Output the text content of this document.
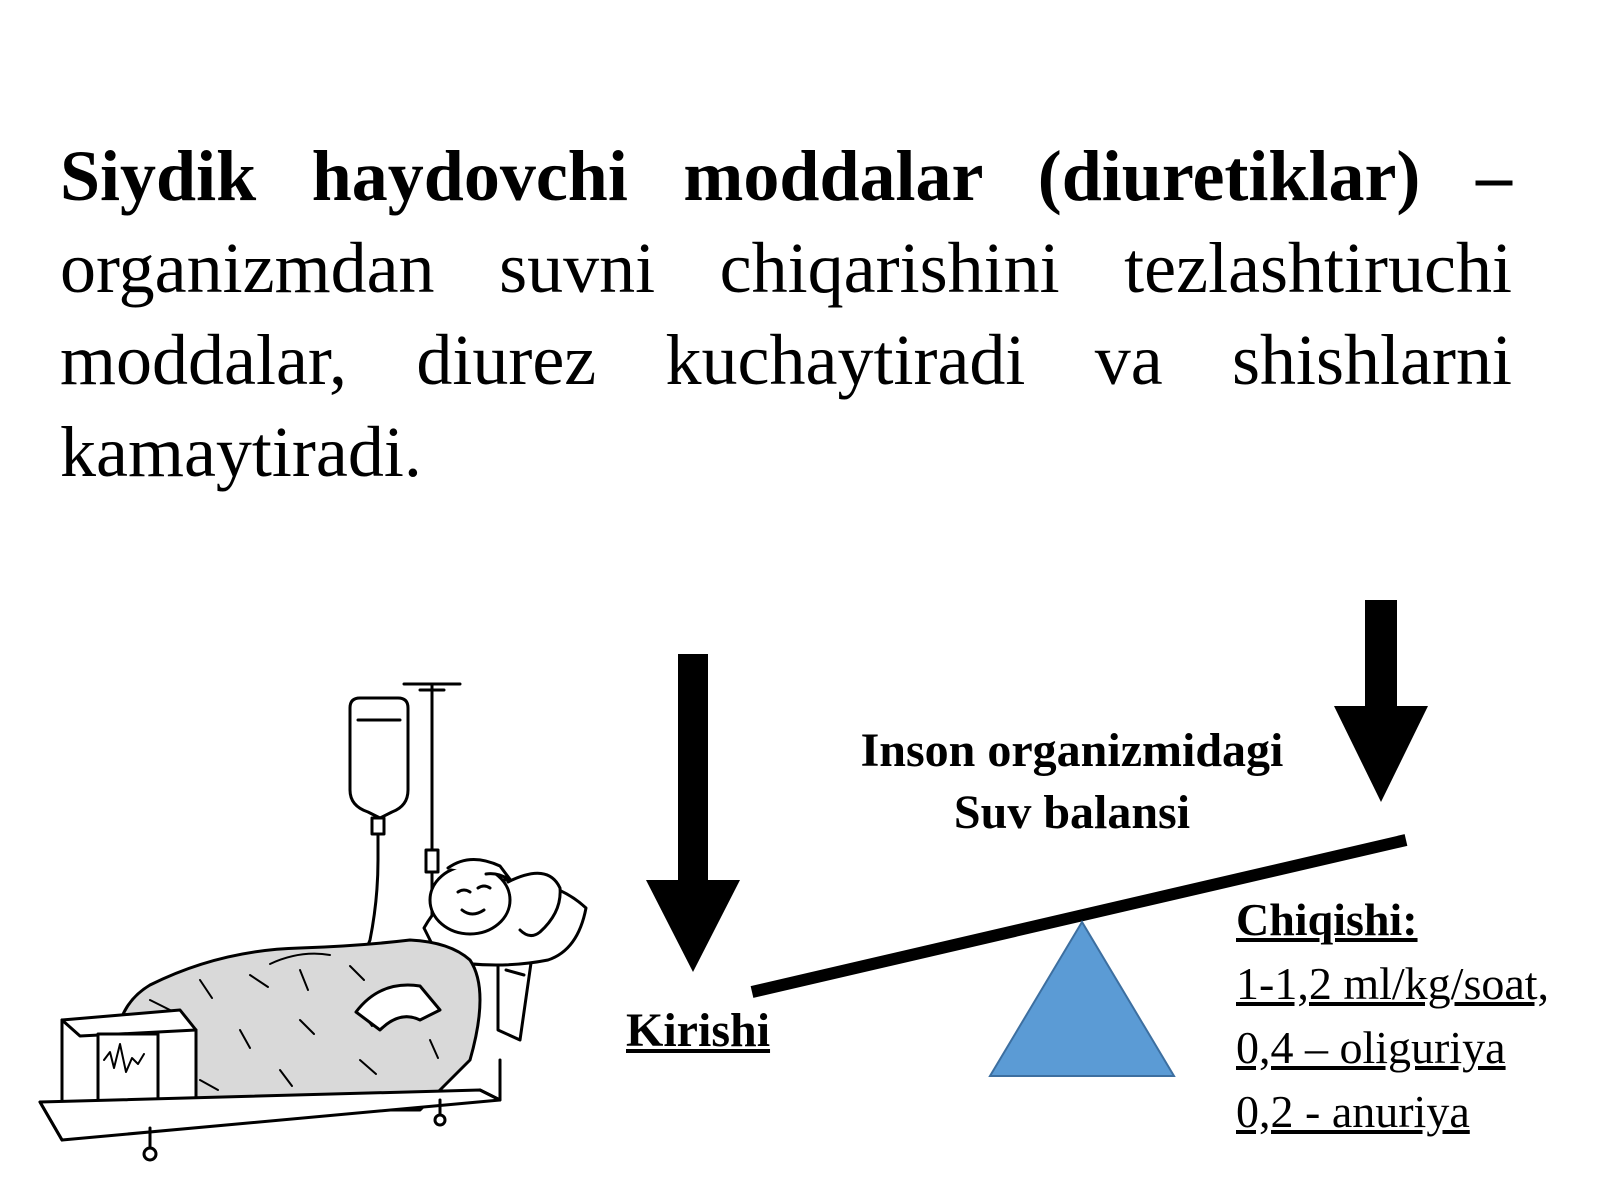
Siydik haydovchi moddalar (diuretiklar) – organizmdan suvni chiqarishini tezlashtiruchi moddalar, diurez kuchaytiradi va shishlarni kamaytiradi.

Inson organizmidagi
Suv balansi
Kirishi
Chiqishi:
1-1,2 ml/kg/soat,
0,4 – oliguriya
0,2 - anuriya
